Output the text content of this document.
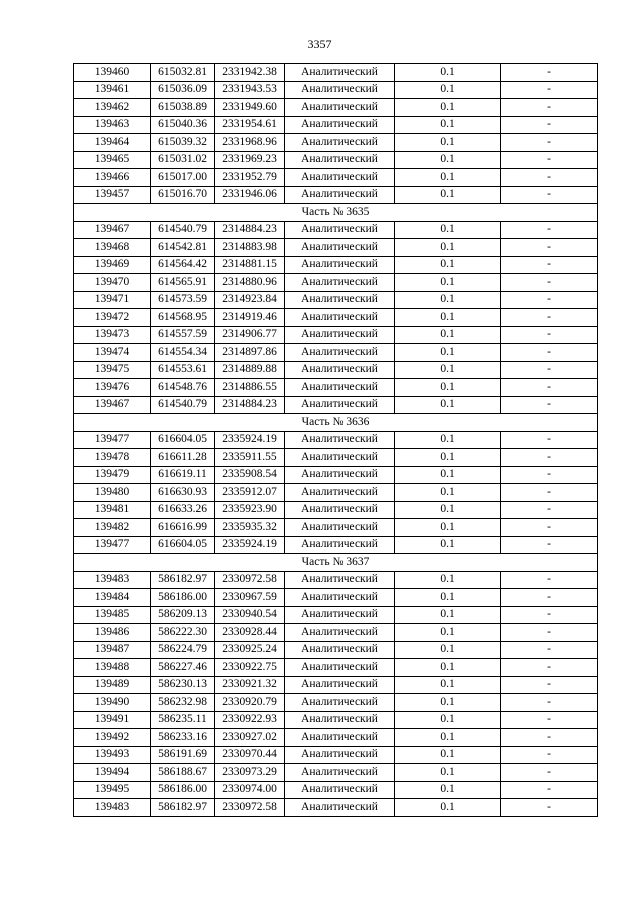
3357
139460	615032.81	2331942.38	Аналитический	0.1	-
139461	615036.09	2331943.53	Аналитический	0.1	-
139462	615038.89	2331949.60	Аналитический	0.1	-
139463	615040.36	2331954.61	Аналитический	0.1	-
139464	615039.32	2331968.96	Аналитический	0.1	-
139465	615031.02	2331969.23	Аналитический	0.1	-
139466	615017.00	2331952.79	Аналитический	0.1	-
139457	615016.70	2331946.06	Аналитический	0.1	-
Часть № 3635					
139467	614540.79	2314884.23	Аналитический	0.1	-
139468	614542.81	2314883.98	Аналитический	0.1	-
139469	614564.42	2314881.15	Аналитический	0.1	-
139470	614565.91	2314880.96	Аналитический	0.1	-
139471	614573.59	2314923.84	Аналитический	0.1	-
139472	614568.95	2314919.46	Аналитический	0.1	-
139473	614557.59	2314906.77	Аналитический	0.1	-
139474	614554.34	2314897.86	Аналитический	0.1	-
139475	614553.61	2314889.88	Аналитический	0.1	-
139476	614548.76	2314886.55	Аналитический	0.1	-
139467	614540.79	2314884.23	Аналитический	0.1	-
Часть № 3636					
139477	616604.05	2335924.19	Аналитический	0.1	-
139478	616611.28	2335911.55	Аналитический	0.1	-
139479	616619.11	2335908.54	Аналитический	0.1	-
139480	616630.93	2335912.07	Аналитический	0.1	-
139481	616633.26	2335923.90	Аналитический	0.1	-
139482	616616.99	2335935.32	Аналитический	0.1	-
139477	616604.05	2335924.19	Аналитический	0.1	-
Часть № 3637					
139483	586182.97	2330972.58	Аналитический	0.1	-
139484	586186.00	2330967.59	Аналитический	0.1	-
139485	586209.13	2330940.54	Аналитический	0.1	-
139486	586222.30	2330928.44	Аналитический	0.1	-
139487	586224.79	2330925.24	Аналитический	0.1	-
139488	586227.46	2330922.75	Аналитический	0.1	-
139489	586230.13	2330921.32	Аналитический	0.1	-
139490	586232.98	2330920.79	Аналитический	0.1	-
139491	586235.11	2330922.93	Аналитический	0.1	-
139492	586233.16	2330927.02	Аналитический	0.1	-
139493	586191.69	2330970.44	Аналитический	0.1	-
139494	586188.67	2330973.29	Аналитический	0.1	-
139495	586186.00	2330974.00	Аналитический	0.1	-
139483	586182.97	2330972.58	Аналитический	0.1	-
